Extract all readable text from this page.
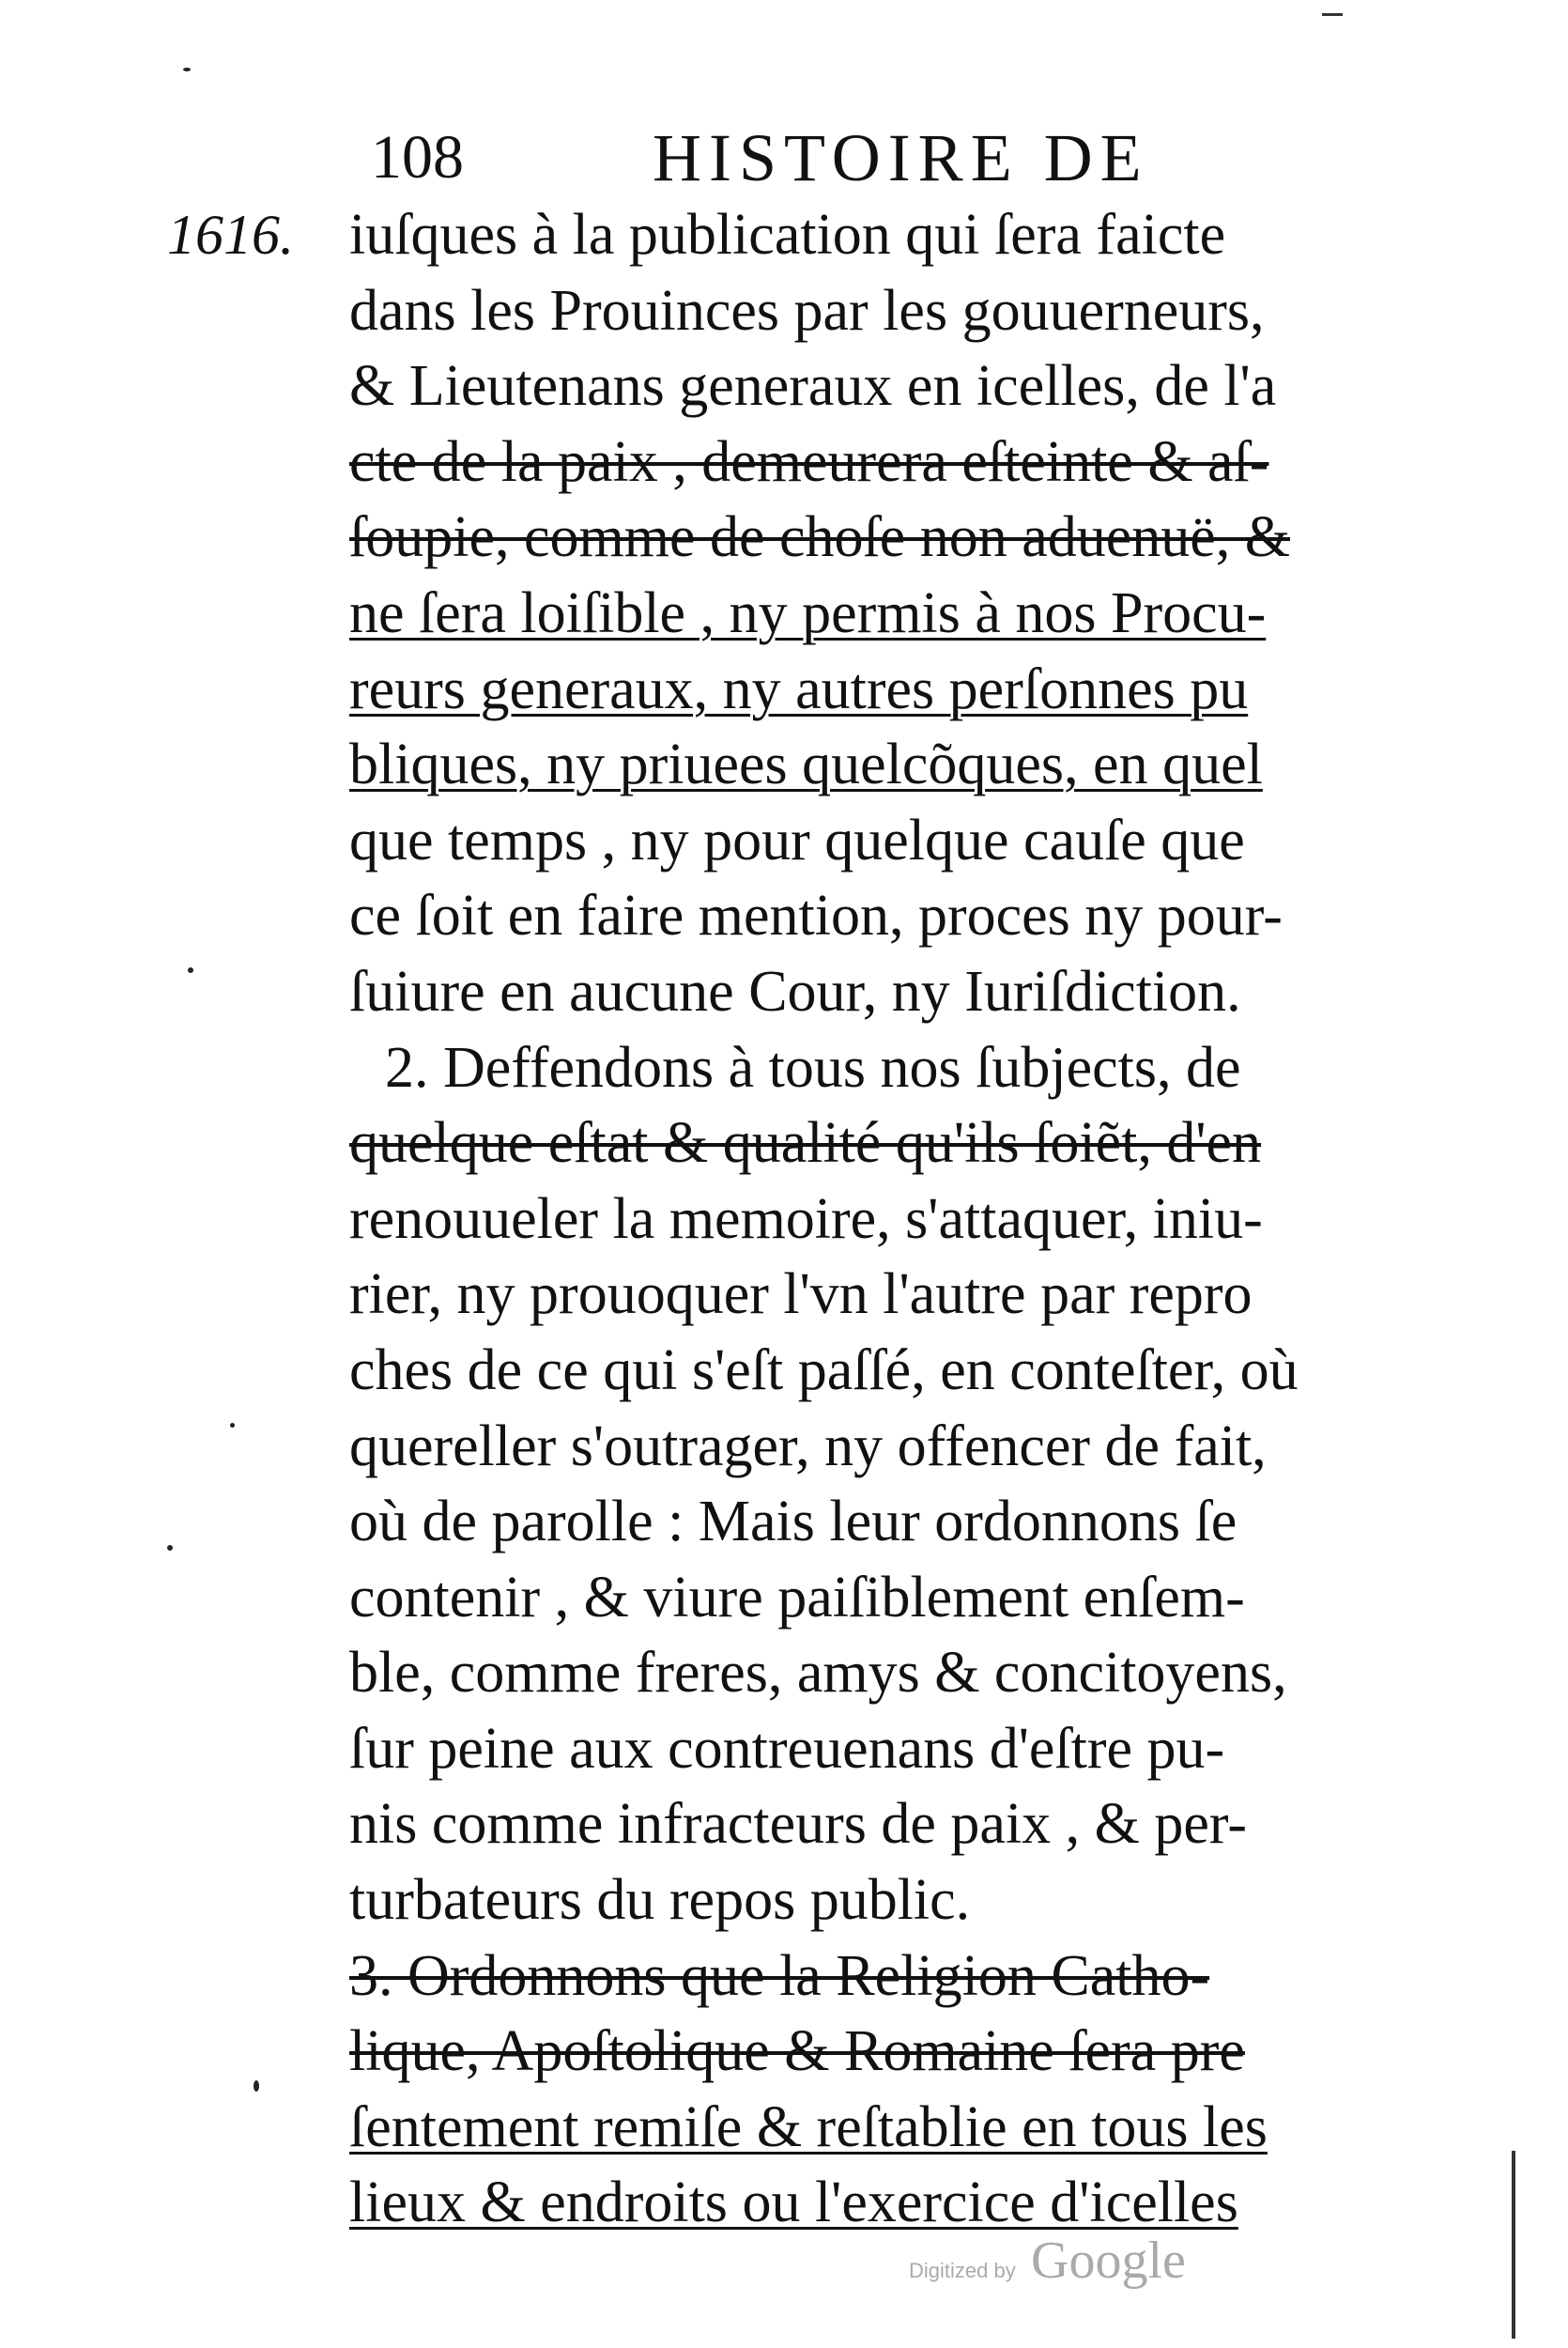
108	HISTOIRE DE
1616. iuſques à la publication qui ſera faicte
dans les Prouinces par les gouuerneurs,
& Lieutenans generaux en icelles, de l'a
cte de la paix , demeurera eſteinte & aſ-
ſoupie, comme de choſe non aduenuë, &
ne ſera loiſible , ny permis à nos Procu-
reurs generaux, ny autres perſonnes pu
bliques, ny priuees quelcõques, en quel
que temps , ny pour quelque cauſe que
ce ſoit en faire mention, proces ny pour-
ſuiure en aucune Cour, ny Iuriſdiction.
2. Deffendons à tous nos ſubjects, de
quelque eſtat & qualité qu'ils ſoiẽt, d'en
renouueler la memoire, s'attaquer, iniu-
rier, ny prouoquer l'vn l'autre par repro
ches de ce qui s'eſt paſſé, en conteſter, où
quereller s'outrager, ny offencer de fait,
où de parolle : Mais leur ordonnons ſe
contenir , & viure paiſiblement enſem-
ble, comme freres, amys & concitoyens,
ſur peine aux contreuenans d'eſtre pu-
nis comme infracteurs de paix , & per-
turbateurs du repos public.
3. Ordonnons que la Religion Catho-
lique, Apoſtolique & Romaine ſera pre
ſentement remiſe & reſtablie en tous les
lieux & endroits ou l'exercice d'icelles
Digitized by Google
